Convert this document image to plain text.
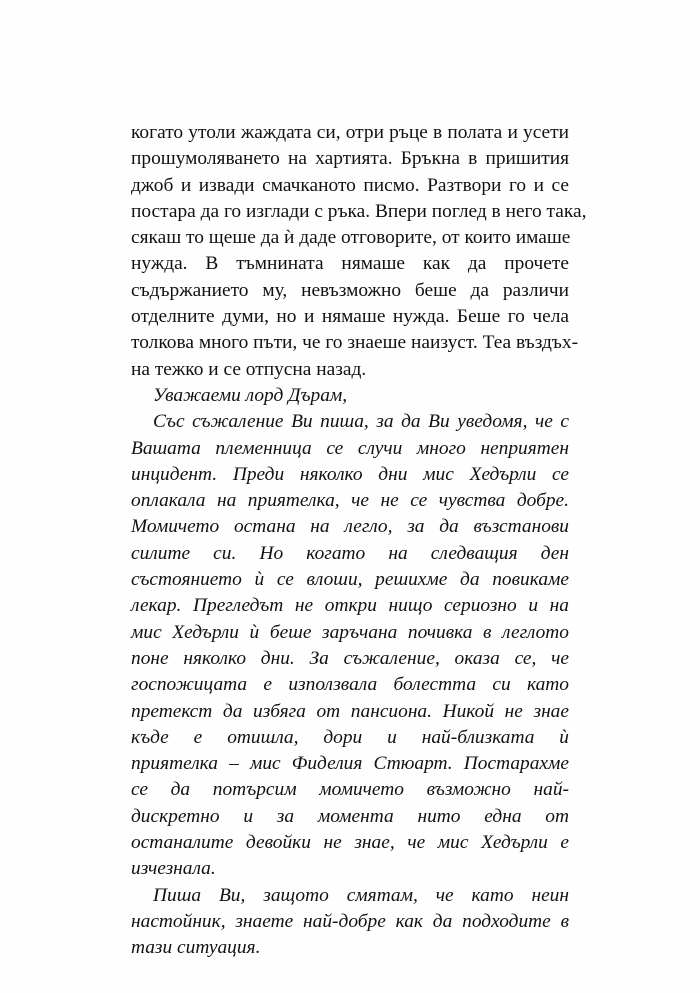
когато утоли жаждата си, отри ръце в полата и усети
прошумоляването на хартията. Бръкна в пришития
джоб и извади смачканото писмо. Разтвори го и се
постара да го изглади с ръка. Впери поглед в него така,
сякаш то щеше да ѝ даде отговорите, от които имаше
нужда. В тъмнината нямаше как да прочете
съдържанието му, невъзможно беше да различи
отделните думи, но и нямаше нужда. Беше го чела
толкова много пъти, че го знаеше наизуст. Теа въздъх-
на тежко и се отпусна назад.

Уважаеми лорд Дърам,

Със съжаление Ви пиша, за да Ви уведомя, че с
Вашата племенница се случи много неприятен
инцидент. Преди няколко дни мис Хедърли се
оплакала на приятелка, че не се чувства добре.
Момичето остана на легло, за да възстанови
силите си. Но когато на следващия ден
състоянието ѝ се влоши, решихме да повикаме
лекар. Прегледът не откри нищо сериозно и на
мис Хедърли ѝ беше заръчана почивка в леглото
поне няколко дни. За съжаление, оказа се, че
госпожицата е използвала болестта си като
претекст да избяга от пансиона. Никой не знае
къде е отишла, дори и най-близката ѝ
приятелка – мис Фиделия Стюарт. Постарахме
се да потърсим момичето възможно най-
дискретно и за момента нито една от
останалите девойки не знае, че мис Хедърли е
изчезнала.

Пиша Ви, защото смятам, че като неин
настойник, знаете най-добре как да подходите в
тази ситуация.
